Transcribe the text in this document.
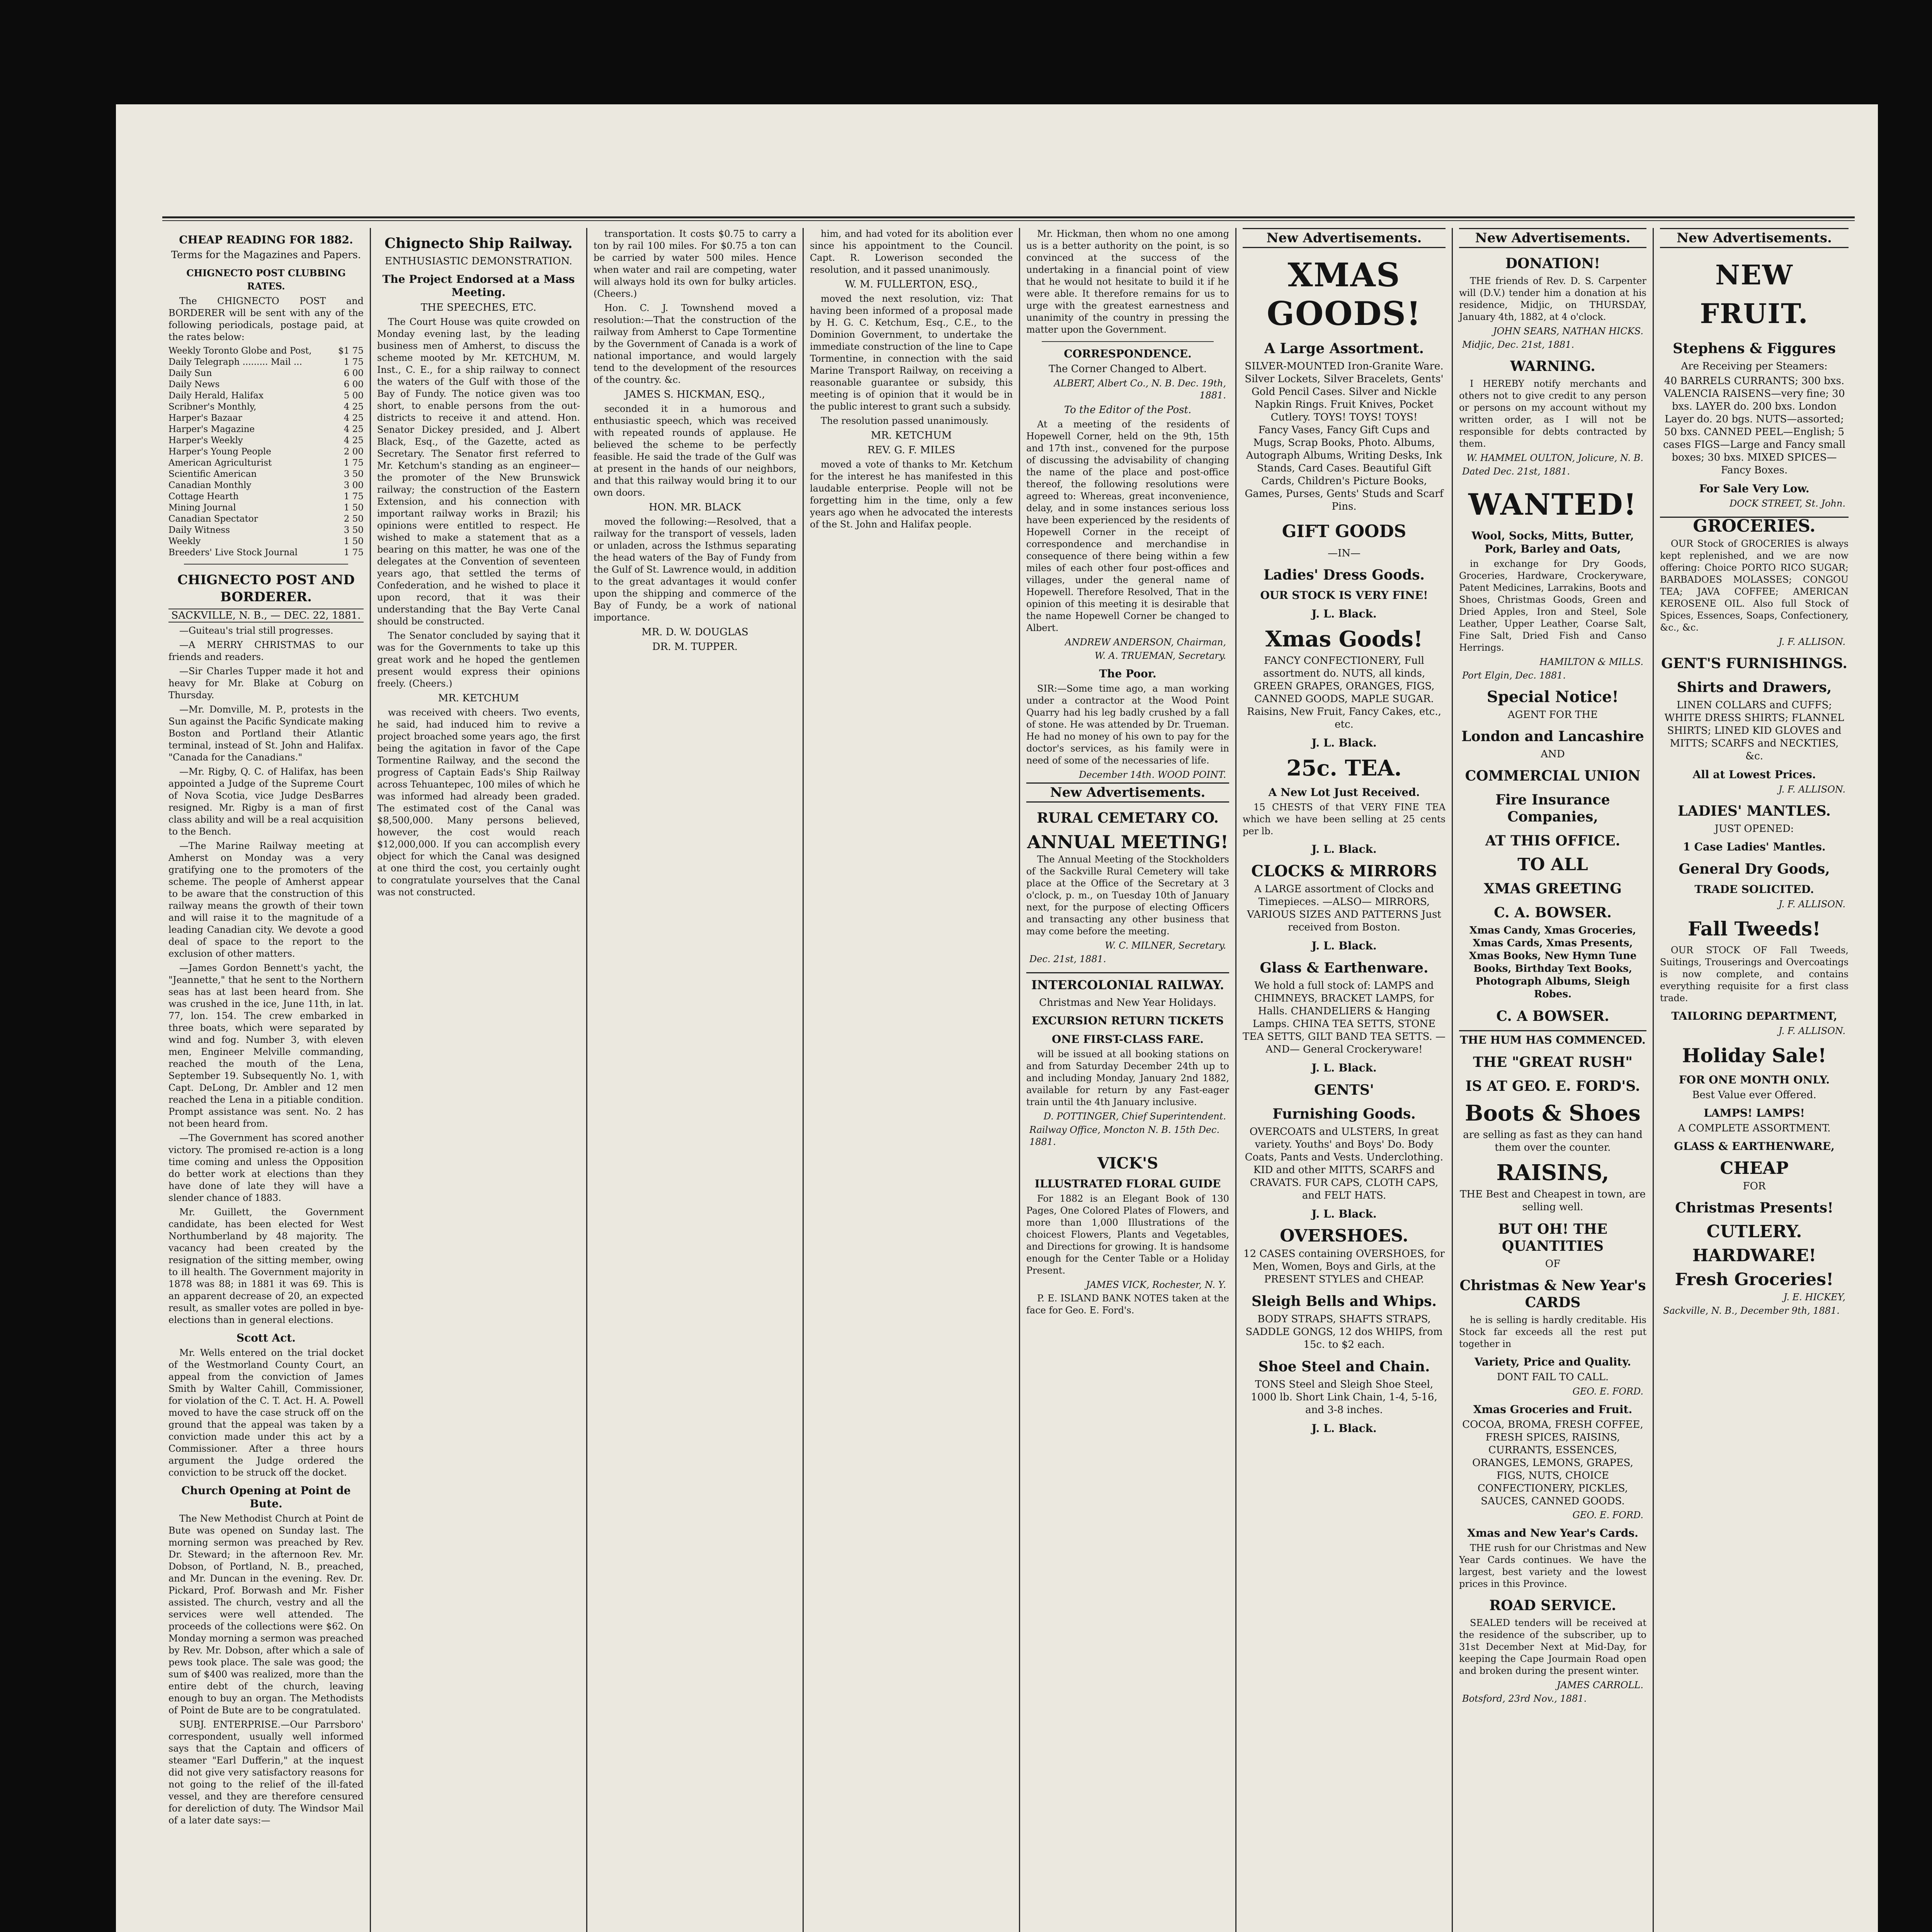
CHEAP READING FOR 1882.
Terms for the Magazines and Papers.
CHIGNECTO POST CLUBBING RATES.

The CHIGNECTO POST and BORDERER will be sent with any of the following periodicals, postage paid, at the rates below:

Weekly Toronto Globe and Post,	$1 75
Daily Telegraph ......... Mail ...	1 75
Daily Sun	6 00
Daily News	6 00
Daily Herald, Halifax	5 00
Scribner's Monthly,	4 25
Harper's Bazaar	4 25
Harper's Magazine	4 25
Harper's Weekly	4 25
Harper's Young People	2 00
American Agriculturist	1 75
Scientific American	3 50
Canadian Monthly	3 00
Cottage Hearth	1 75
Mining Journal	1 50
Canadian Spectator	2 50
Daily Witness	3 50
Weekly	1 50
Breeders' Live Stock Journal	1 75
CHIGNECTO POST AND BORDERER.
SACKVILLE, N. B., — DEC. 22, 1881.

—Guiteau's trial still progresses.

—A MERRY CHRISTMAS to our friends and readers.

—Sir Charles Tupper made it hot and heavy for Mr. Blake at Coburg on Thursday.

—Mr. Domville, M. P., protests in the Sun against the Pacific Syndicate making Boston and Portland their Atlantic terminal, instead of St. John and Halifax. "Canada for the Canadians."

—Mr. Rigby, Q. C. of Halifax, has been appointed a Judge of the Supreme Court of Nova Scotia, vice Judge DesBarres resigned. Mr. Rigby is a man of first class ability and will be a real acquisition to the Bench.

—The Marine Railway meeting at Amherst on Monday was a very gratifying one to the promoters of the scheme. The people of Amherst appear to be aware that the construction of this railway means the growth of their town and will raise it to the magnitude of a leading Canadian city. We devote a good deal of space to the report to the exclusion of other matters.

—James Gordon Bennett's yacht, the "Jeannette," that he sent to the Northern seas has at last been heard from. She was crushed in the ice, June 11th, in lat. 77, lon. 154. The crew embarked in three boats, which were separated by wind and fog. Number 3, with eleven men, Engineer Melville commanding, reached the mouth of the Lena, September 19. Subsequently No. 1, with Capt. DeLong, Dr. Ambler and 12 men reached the Lena in a pitiable condition. Prompt assistance was sent. No. 2 has not been heard from.

—The Government has scored another victory. The promised re-action is a long time coming and unless the Opposition do better work at elections than they have done of late they will have a slender chance of 1883.

Mr. Guillett, the Government candidate, has been elected for West Northumberland by 48 majority. The vacancy had been created by the resignation of the sitting member, owing to ill health. The Government majority in 1878 was 88; in 1881 it was 69. This is an apparent decrease of 20, an expected result, as smaller votes are polled in bye-elections than in general elections.

Scott Act.

Mr. Wells entered on the trial docket of the Westmorland County Court, an appeal from the conviction of James Smith by Walter Cahill, Commissioner, for violation of the C. T. Act. H. A. Powell moved to have the case struck off on the ground that the appeal was taken by a conviction made under this act by a Commissioner. After a three hours argument the Judge ordered the conviction to be struck off the docket.

Church Opening at Point de Bute.

The New Methodist Church at Point de Bute was opened on Sunday last. The morning sermon was preached by Rev. Dr. Steward; in the afternoon Rev. Mr. Dobson, of Portland, N. B., preached, and Mr. Duncan in the evening. Rev. Dr. Pickard, Prof. Borwash and Mr. Fisher assisted. The church, vestry and all the services were well attended. The proceeds of the collections were $62. On Monday morning a sermon was preached by Rev. Mr. Dobson, after which a sale of pews took place. The sale was good; the sum of $400 was realized, more than the entire debt of the church, leaving enough to buy an organ. The Methodists of Point de Bute are to be congratulated.

SUBJ. ENTERPRISE.—Our Parrsboro' correspondent, usually well informed says that the Captain and officers of steamer "Earl Dufferin," at the inquest did not give very satisfactory reasons for not going to the relief of the ill-fated vessel, and they are therefore censured for dereliction of duty. The Windsor Mail of a later date says:—

Chignecto Ship Railway.
ENTHUSIASTIC DEMONSTRATION.
The Project Endorsed at a Mass Meeting.
THE SPEECHES, ETC.

The Court House was quite crowded on Monday evening last, by the leading business men of Amherst, to discuss the scheme mooted by Mr. KETCHUM, M. Inst., C. E., for a ship railway to connect the waters of the Gulf with those of the Bay of Fundy. The notice given was too short, to enable persons from the out-districts to receive it and attend. Hon. Senator Dickey presided, and J. Albert Black, Esq., of the Gazette, acted as Secretary. The Senator first referred to Mr. Ketchum's standing as an engineer—the promoter of the New Brunswick railway; the construction of the Eastern Extension, and his connection with important railway works in Brazil; his opinions were entitled to respect. He wished to make a statement that as a bearing on this matter, he was one of the delegates at the Convention of seventeen years ago, that settled the terms of Confederation, and he wished to place it upon record, that it was their understanding that the Bay Verte Canal should be constructed.

The Senator concluded by saying that it was for the Governments to take up this great work and he hoped the gentlemen present would express their opinions freely. (Cheers.)

MR. KETCHUM

was received with cheers. Two events, he said, had induced him to revive a project broached some years ago, the first being the agitation in favor of the Cape Tormentine Railway, and the second the progress of Captain Eads's Ship Railway across Tehuantepec, 100 miles of which he was informed had already been graded. The estimated cost of the Canal was $8,500,000. Many persons believed, however, the cost would reach $12,000,000. If you can accomplish every object for which the Canal was designed at one third the cost, you certainly ought to congratulate yourselves that the Canal was not constructed.

transportation. It costs $0.75 to carry a ton by rail 100 miles. For $0.75 a ton can be carried by water 500 miles. Hence when water and rail are competing, water will always hold its own for bulky articles. (Cheers.)

Hon. C. J. Townshend moved a resolution:—That the construction of the railway from Amherst to Cape Tormentine by the Government of Canada is a work of national importance, and would largely tend to the development of the resources of the country. &c.

JAMES S. HICKMAN, ESQ.,

seconded it in a humorous and enthusiastic speech, which was received with repeated rounds of applause. He believed the scheme to be perfectly feasible. He said the trade of the Gulf was at present in the hands of our neighbors, and that this railway would bring it to our own doors.

HON. MR. BLACK

moved the following:—Resolved, that a railway for the transport of vessels, laden or unladen, across the Isthmus separating the head waters of the Bay of Fundy from the Gulf of St. Lawrence would, in addition to the great advantages it would confer upon the shipping and commerce of the Bay of Fundy, be a work of national importance.

MR. D. W. DOUGLAS
DR. M. TUPPER.

him, and had voted for its abolition ever since his appointment to the Council. Capt. R. Lowerison seconded the resolution, and it passed unanimously.

W. M. FULLERTON, ESQ.,

moved the next resolution, viz: That having been informed of a proposal made by H. G. C. Ketchum, Esq., C.E., to the Dominion Government, to undertake the immediate construction of the line to Cape Tormentine, in connection with the said Marine Transport Railway, on receiving a reasonable guarantee or subsidy, this meeting is of opinion that it would be in the public interest to grant such a subsidy.

The resolution passed unanimously.

MR. KETCHUM
REV. G. F. MILES

moved a vote of thanks to Mr. Ketchum for the interest he has manifested in this laudable enterprise. People will not be forgetting him in the time, only a few years ago when he advocated the interests of the St. John and Halifax people.

Mr. Hickman, then whom no one among us is a better authority on the point, is so convinced at the success of the undertaking in a financial point of view that he would not hesitate to build it if he were able. It therefore remains for us to urge with the greatest earnestness and unanimity of the country in pressing the matter upon the Government.

CORRESPONDENCE.
The Corner Changed to Albert.
ALBERT, Albert Co., N. B. Dec. 19th, 1881.
To the Editor of the Post.

At a meeting of the residents of Hopewell Corner, held on the 9th, 15th and 17th inst., convened for the purpose of discussing the advisability of changing the name of the place and post-office thereof, the following resolutions were agreed to: Whereas, great inconvenience, delay, and in some instances serious loss have been experienced by the residents of Hopewell Corner in the receipt of correspondence and merchandise in consequence of there being within a few miles of each other four post-offices and villages, under the general name of Hopewell. Therefore Resolved, That in the opinion of this meeting it is desirable that the name Hopewell Corner be changed to Albert.

ANDREW ANDERSON, Chairman,
W. A. TRUEMAN, Secretary.
The Poor.

SIR:—Some time ago, a man working under a contractor at the Wood Point Quarry had his leg badly crushed by a fall of stone. He was attended by Dr. Trueman. He had no money of his own to pay for the doctor's services, as his family were in need of some of the necessaries of life.

December 14th. WOOD POINT.
New Advertisements.
RURAL CEMETARY CO.
ANNUAL MEETING!

The Annual Meeting of the Stockholders of the Sackville Rural Cemetery will take place at the Office of the Secretary at 3 o'clock, p. m., on Tuesday 10th of January next, for the purpose of electing Officers and transacting any other business that may come before the meeting.

W. C. MILNER, Secretary.
Dec. 21st, 1881.
INTERCOLONIAL RAILWAY.
Christmas and New Year Holidays.
EXCURSION RETURN TICKETS
ONE FIRST-CLASS FARE.

will be issued at all booking stations on and from Saturday December 24th up to and including Monday, January 2nd 1882, available for return by any Fast-eager train until the 4th January inclusive.

D. POTTINGER, Chief Superintendent.
Railway Office, Moncton N. B. 15th Dec. 1881.
VICK'S
ILLUSTRATED FLORAL GUIDE

For 1882 is an Elegant Book of 130 Pages, One Colored Plates of Flowers, and more than 1,000 Illustrations of the choicest Flowers, Plants and Vegetables, and Directions for growing. It is handsome enough for the Center Table or a Holiday Present.

JAMES VICK, Rochester, N. Y.

P. E. ISLAND BANK NOTES taken at the face for Geo. E. Ford's.

New Advertisements.
XMAS GOODS!
A Large Assortment.
SILVER-MOUNTED Iron-Granite Ware. Silver Lockets, Silver Bracelets, Gents' Gold Pencil Cases. Silver and Nickle Napkin Rings. Fruit Knives, Pocket Cutlery. TOYS! TOYS! TOYS!
Fancy Vases, Fancy Gift Cups and Mugs, Scrap Books, Photo. Albums, Autograph Albums, Writing Desks, Ink Stands, Card Cases. Beautiful Gift Cards, Children's Picture Books, Games, Purses, Gents' Studs and Scarf Pins.
GIFT GOODS
—IN—
Ladies' Dress Goods.
OUR STOCK IS VERY FINE!
J. L. Black.
Xmas Goods!
FANCY CONFECTIONERY, Full assortment do. NUTS, all kinds, GREEN GRAPES, ORANGES, FIGS, CANNED GOODS, MAPLE SUGAR. Raisins, New Fruit, Fancy Cakes, etc., etc.
J. L. Black.
25c. TEA.
A New Lot Just Received.

15 CHESTS of that VERY FINE TEA which we have been selling at 25 cents per lb.

J. L. Black.
CLOCKS & MIRRORS
A LARGE assortment of Clocks and Timepieces. —ALSO— MIRRORS, VARIOUS SIZES AND PATTERNS Just received from Boston.
J. L. Black.
Glass & Earthenware.
We hold a full stock of: LAMPS and CHIMNEYS, BRACKET LAMPS, for Halls. CHANDELIERS & Hanging Lamps. CHINA TEA SETTS, STONE TEA SETTS, GILT BAND TEA SETTS. —AND— General Crockeryware!
J. L. Black.
GENTS'
Furnishing Goods.
OVERCOATS and ULSTERS, In great variety. Youths' and Boys' Do. Body Coats, Pants and Vests. Underclothing. KID and other MITTS, SCARFS and CRAVATS. FUR CAPS, CLOTH CAPS, and FELT HATS.
J. L. Black.
OVERSHOES.
12 CASES containing OVERSHOES, for Men, Women, Boys and Girls, at the PRESENT STYLES and CHEAP.
Sleigh Bells and Whips.
BODY STRAPS, SHAFTS STRAPS, SADDLE GONGS, 12 dos WHIPS, from 15c. to $2 each.
Shoe Steel and Chain.
TONS Steel and Sleigh Shoe Steel, 1000 lb. Short Link Chain, 1-4, 5-16, and 3-8 inches.
J. L. Black.
New Advertisements.
DONATION!

THE friends of Rev. D. S. Carpenter will (D.V.) tender him a donation at his residence, Midjic, on THURSDAY, January 4th, 1882, at 4 o'clock.

JOHN SEARS, NATHAN HICKS.
Midjic, Dec. 21st, 1881.
WARNING.

I HEREBY notify merchants and others not to give credit to any person or persons on my account without my written order, as I will not be responsible for debts contracted by them.

W. HAMMEL OULTON, Jolicure, N. B.
Dated Dec. 21st, 1881.
WANTED!
Wool, Socks, Mitts, Butter, Pork, Barley and Oats,

in exchange for Dry Goods, Groceries, Hardware, Crockeryware, Patent Medicines, Larrakins, Boots and Shoes, Christmas Goods, Green and Dried Apples, Iron and Steel, Sole Leather, Upper Leather, Coarse Salt, Fine Salt, Dried Fish and Canso Herrings.

HAMILTON & MILLS.
Port Elgin, Dec. 1881.
Special Notice!
AGENT FOR THE
London and Lancashire
AND
COMMERCIAL UNION
Fire Insurance Companies,
AT THIS OFFICE.
TO ALL
XMAS GREETING
C. A. BOWSER.
Xmas Candy, Xmas Groceries, Xmas Cards, Xmas Presents, Xmas Books, New Hymn Tune Books, Birthday Text Books, Photograph Albums, Sleigh Robes.
C. A BOWSER.
THE HUM HAS COMMENCED.
THE "GREAT RUSH"
IS AT GEO. E. FORD'S.
Boots & Shoes
are selling as fast as they can hand them over the counter.
RAISINS,
THE Best and Cheapest in town, are selling well.
BUT OH! THE QUANTITIES
OF
Christmas & New Year's CARDS

he is selling is hardly creditable. His Stock far exceeds all the rest put together in

Variety, Price and Quality.
DONT FAIL TO CALL.
GEO. E. FORD.
Xmas Groceries and Fruit.
COCOA, BROMA, FRESH COFFEE, FRESH SPICES, RAISINS, CURRANTS, ESSENCES, ORANGES, LEMONS, GRAPES, FIGS, NUTS, CHOICE CONFECTIONERY, PICKLES, SAUCES, CANNED GOODS.
GEO. E. FORD.
Xmas and New Year's Cards.

THE rush for our Christmas and New Year Cards continues. We have the largest, best variety and the lowest prices in this Province.

ROAD SERVICE.

SEALED tenders will be received at the residence of the subscriber, up to 31st December Next at Mid-Day, for keeping the Cape Jourmain Road open and broken during the present winter.

JAMES CARROLL.
Botsford, 23rd Nov., 1881.
New Advertisements.
NEW FRUIT.
Stephens & Figgures
Are Receiving per Steamers:
40 BARRELS CURRANTS; 300 bxs. VALENCIA RAISENS—very fine; 30 bxs. LAYER do. 200 bxs. London Layer do. 20 bgs. NUTS—assorted; 50 bxs. CANNED PEEL—English; 5 cases FIGS—Large and Fancy small boxes; 30 bxs. MIXED SPICES—Fancy Boxes.
For Sale Very Low.
DOCK STREET, St. John.
GROCERIES.

OUR Stock of GROCERIES is always kept replenished, and we are now offering: Choice PORTO RICO SUGAR; BARBADOES MOLASSES; CONGOU TEA; JAVA COFFEE; AMERICAN KEROSENE OIL. Also full Stock of Spices, Essences, Soaps, Confectionery, &c., &c.

J. F. ALLISON.
GENT'S FURNISHINGS.
Shirts and Drawers,
LINEN COLLARS and CUFFS; WHITE DRESS SHIRTS; FLANNEL SHIRTS; LINED KID GLOVES and MITTS; SCARFS and NECKTIES, &c.
All at Lowest Prices.
J. F. ALLISON.
LADIES' MANTLES.
JUST OPENED:
1 Case Ladies' Mantles.
General Dry Goods,
TRADE SOLICITED.
J. F. ALLISON.
Fall Tweeds!

OUR STOCK OF Fall Tweeds, Suitings, Trouserings and Overcoatings is now complete, and contains everything requisite for a first class trade.

TAILORING DEPARTMENT,
J. F. ALLISON.
Holiday Sale!
FOR ONE MONTH ONLY.
Best Value ever Offered.
LAMPS! LAMPS!
A COMPLETE ASSORTMENT.
GLASS & EARTHENWARE,
CHEAP
FOR
Christmas Presents!
CUTLERY.
HARDWARE!
Fresh Groceries!
J. E. HICKEY,
Sackville, N. B., December 9th, 1881.
